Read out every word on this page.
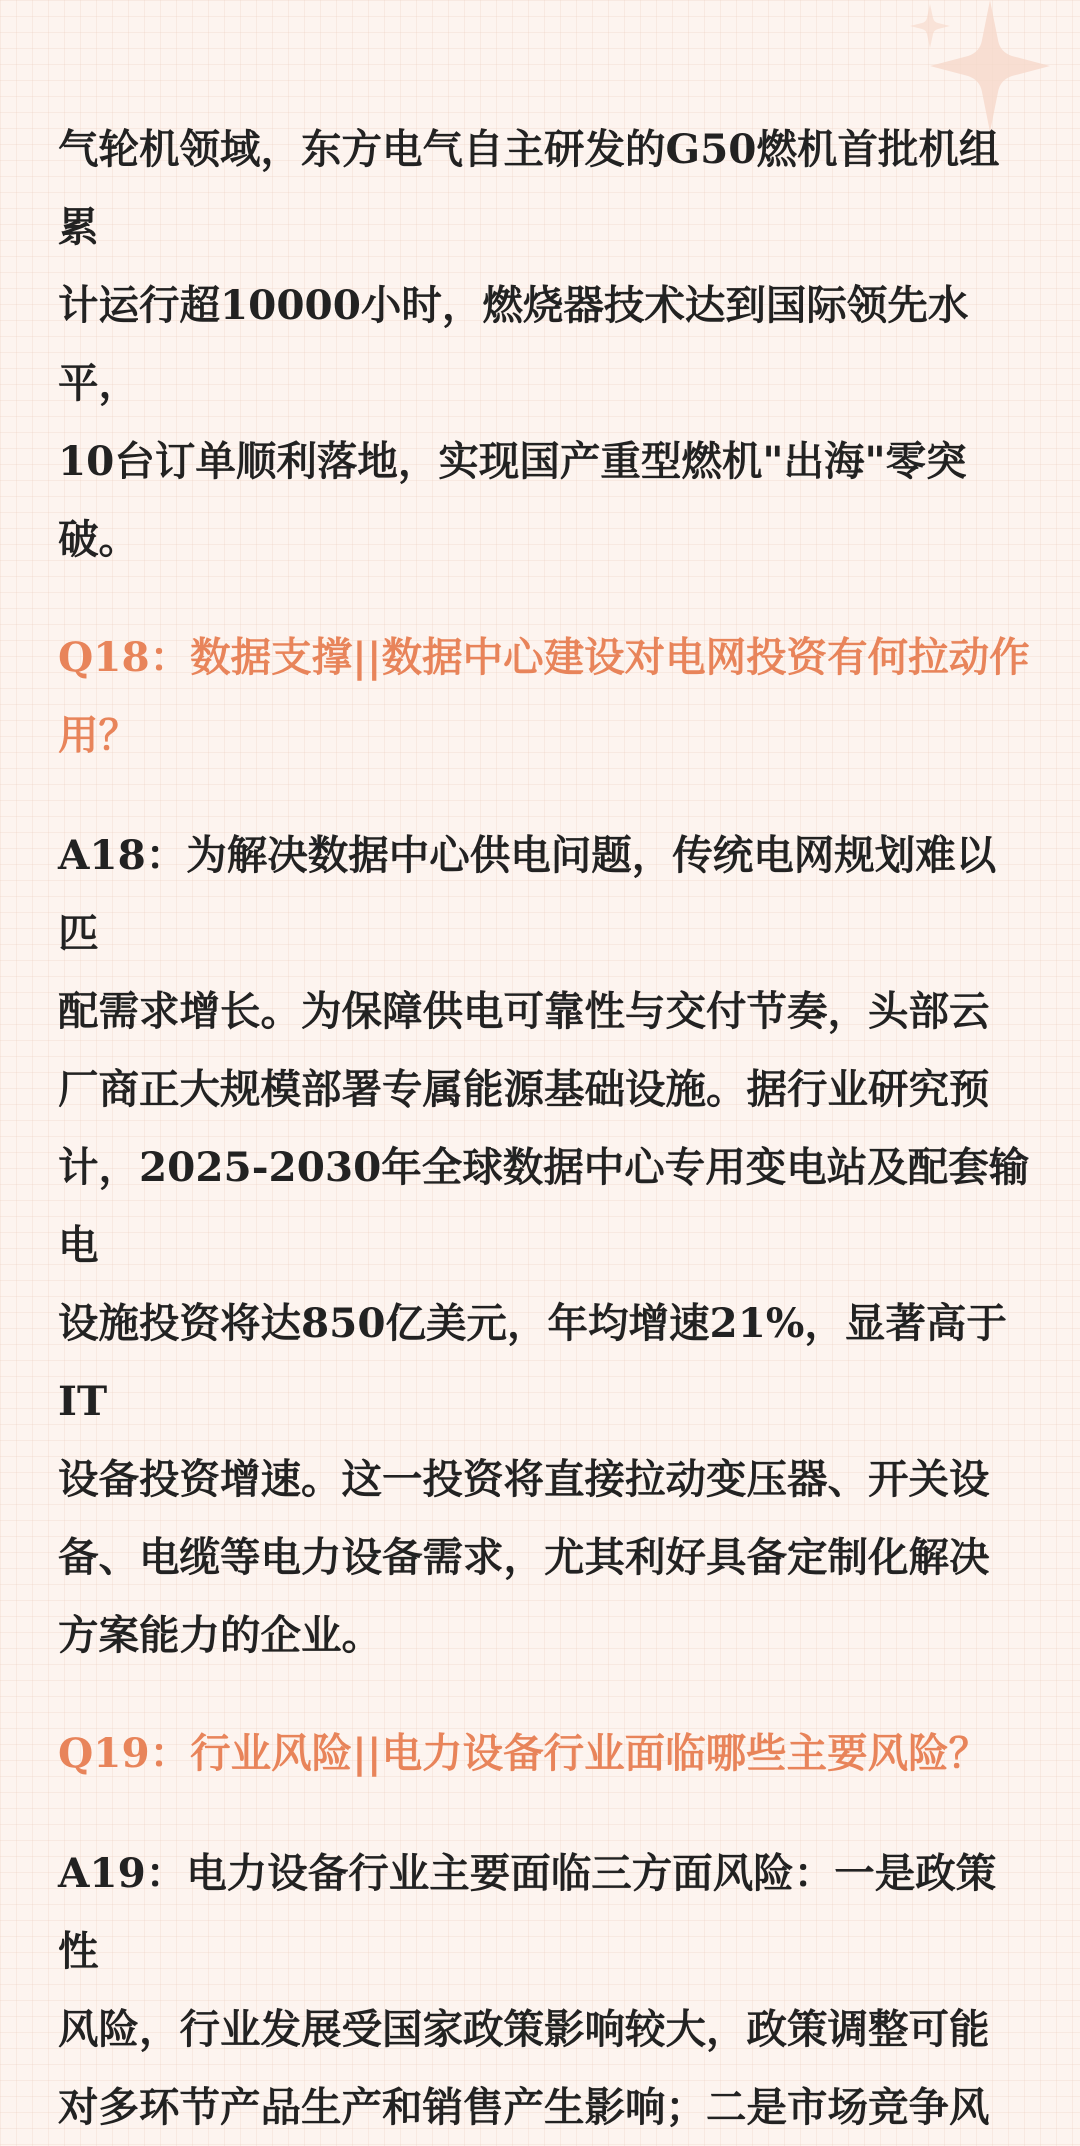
气轮机领域，东方电气自主研发的G50燃机首批机组累

计运行超10000小时，燃烧器技术达到国际领先水平，

10台订单顺利落地，实现国产重型燃机"出海"零突

破。

Q18：数据支撑||数据中心建设对电网投资有何拉动作

用？

A18：为解决数据中心供电问题，传统电网规划难以匹

配需求增长。为保障供电可靠性与交付节奏，头部云

厂商正大规模部署专属能源基础设施。据行业研究预

计，2025-2030年全球数据中心专用变电站及配套输电

设施投资将达850亿美元，年均增速21%，显著高于IT

设备投资增速。这一投资将直接拉动变压器、开关设

备、电缆等电力设备需求，尤其利好具备定制化解决

方案能力的企业。

Q19：行业风险||电力设备行业面临哪些主要风险？

A19：电力设备行业主要面临三方面风险：一是政策性

风险，行业发展受国家政策影响较大，政策调整可能

对多环节产品生产和销售产生影响；二是市场竞争风
